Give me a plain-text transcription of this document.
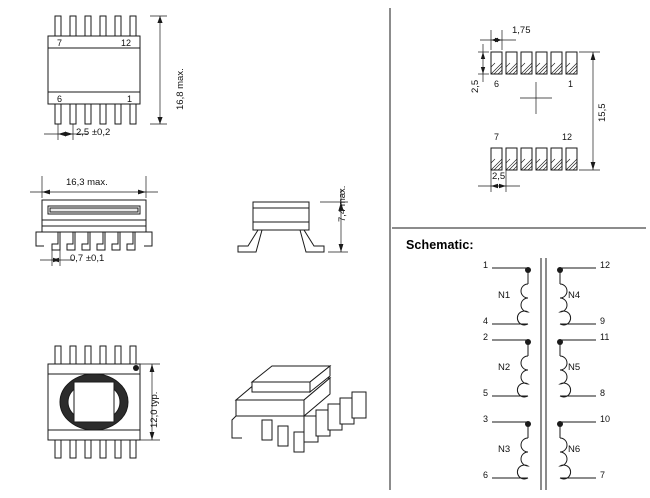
7	12
6	1	16,8 max.
2,5 ±0,2
16,3 max.
0,7 ±0,1
7,4 max.
12,0 typ.
1,75
2,5
15,5
2,5
6	1
7	12
Schematic:
1
4
2
5
3
6
12
9
11
8
10
7
N1
N2
N3
N4
N5
N6
